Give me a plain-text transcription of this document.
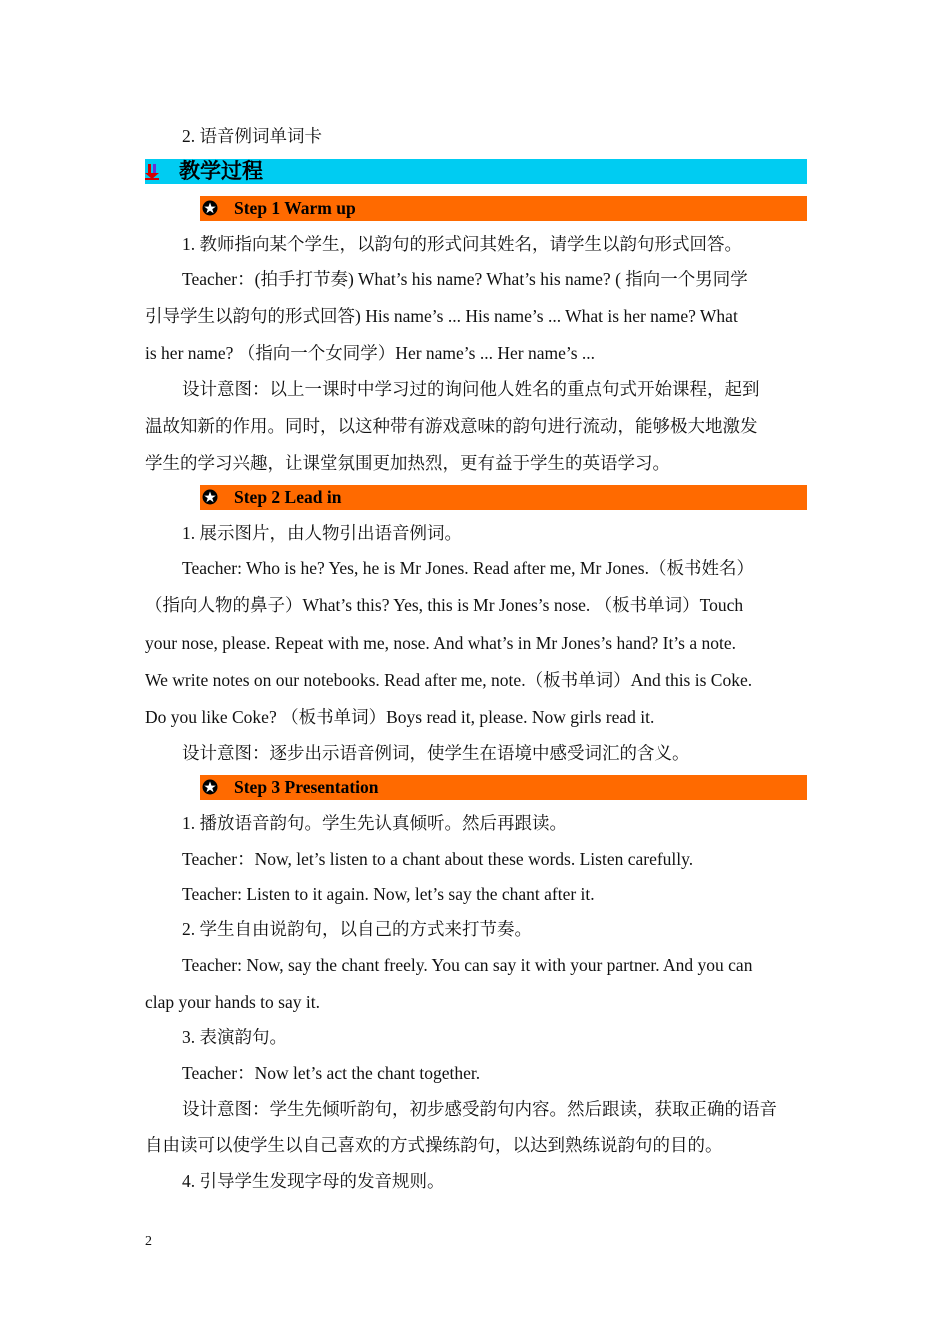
2. 语音例词单词卡
教学过程
Step 1 Warm up
1. 教师指向某个学生，以韵句的形式问其姓名，请学生以韵句形式回答。
Teacher：(拍手打节奏) What’s his name? What’s his name? ( 指向一个男同学
引导学生以韵句的形式回答) His name’s ... His name’s ... What is her name? What
is her name? （指向一个女同学）Her name’s ... Her name’s ...
设计意图：以上一课时中学习过的询问他人姓名的重点句式开始课程，起到
温故知新的作用。同时，以这种带有游戏意味的韵句进行流动，能够极大地激发
学生的学习兴趣，让课堂氛围更加热烈，更有益于学生的英语学习。
Step 2 Lead in
1. 展示图片，由人物引出语音例词。
Teacher: Who is he? Yes, he is Mr Jones. Read after me, Mr Jones.（板书姓名）
（指向人物的鼻子）What’s this? Yes, this is Mr Jones’s nose. （板书单词）Touch
your nose, please. Repeat with me, nose. And what’s in Mr Jones’s hand? It’s a note.
We write notes on our notebooks. Read after me, note.（板书单词）And this is Coke.
Do you like Coke? （板书单词）Boys read it, please. Now girls read it.
设计意图：逐步出示语音例词，使学生在语境中感受词汇的含义。
Step 3 Presentation
1. 播放语音韵句。学生先认真倾听。然后再跟读。
Teacher：Now, let’s listen to a chant about these words. Listen carefully.
Teacher: Listen to it again. Now, let’s say the chant after it.
2. 学生自由说韵句，以自己的方式来打节奏。
Teacher: Now, say the chant freely. You can say it with your partner. And you can
clap your hands to say it.
3. 表演韵句。
Teacher：Now let’s act the chant together.
设计意图：学生先倾听韵句，初步感受韵句内容。然后跟读，获取正确的语音
自由读可以使学生以自己喜欢的方式操练韵句，以达到熟练说韵句的目的。
4. 引导学生发现字母的发音规则。
2
